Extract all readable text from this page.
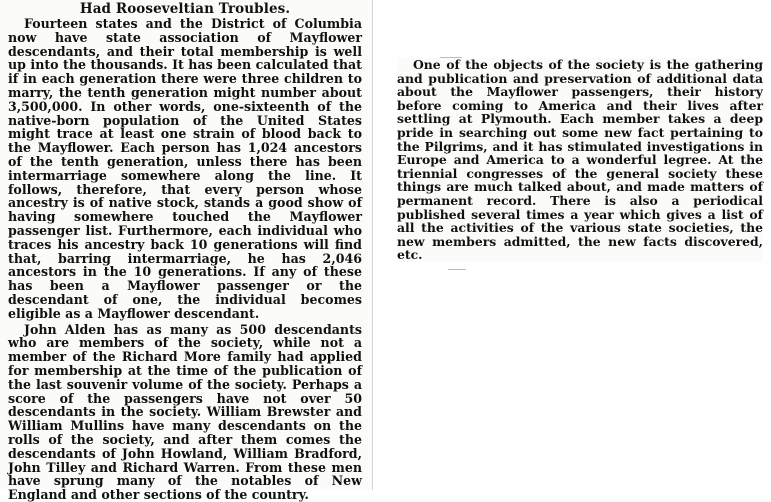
Had Rooseveltian Troubles.

Fourteen states and the District of Columbia now have state association of Mayflower descendants, and their total membership is well up into the thousands. It has been calculated that if in each generation there were three children to marry, the tenth generation might number about 3,500,000. In other words, one-sixteenth of the native-born population of the United States might trace at least one strain of blood back to the Mayflower. Each person has 1,024 ancestors of the tenth generation, unless there has been intermarriage somewhere along the line. It follows, therefore, that every person whose ancestry is of native stock, stands a good show of having somewhere touched the Mayflower passenger list. Furthermore, each individual who traces his ancestry back 10 generations will find that, barring intermarriage, he has 2,046 ancestors in the 10 generations. If any of these has been a Mayflower passenger or the descendant of one, the individual becomes eligible as a Mayflower descendant.

John Alden has as many as 500 descendants who are members of the society, while not a member of the Richard More family had applied for membership at the time of the publication of the last souvenir volume of the society. Perhaps a score of the passengers have not over 50 descendants in the society. William Brewster and William Mullins have many descendants on the rolls of the society, and after them comes the descendants of John Howland, William Bradford, John Tilley and Richard Warren. From these men have sprung many of the notables of New England and other sections of the country.

One of the objects of the society is the gathering and publication and preservation of additional data about the Mayflower passengers, their history before coming to America and their lives after settling at Plymouth. Each member takes a deep pride in searching out some new fact pertaining to the Pilgrims, and it has stimulated investigations in Europe and America to a wonderful legree. At the triennial congresses of the general society these things are much talked about, and made matters of permanent record. There is also a periodical published several times a year which gives a list of all the activities of the various state societies, the new members admitted, the new facts discovered, etc.
